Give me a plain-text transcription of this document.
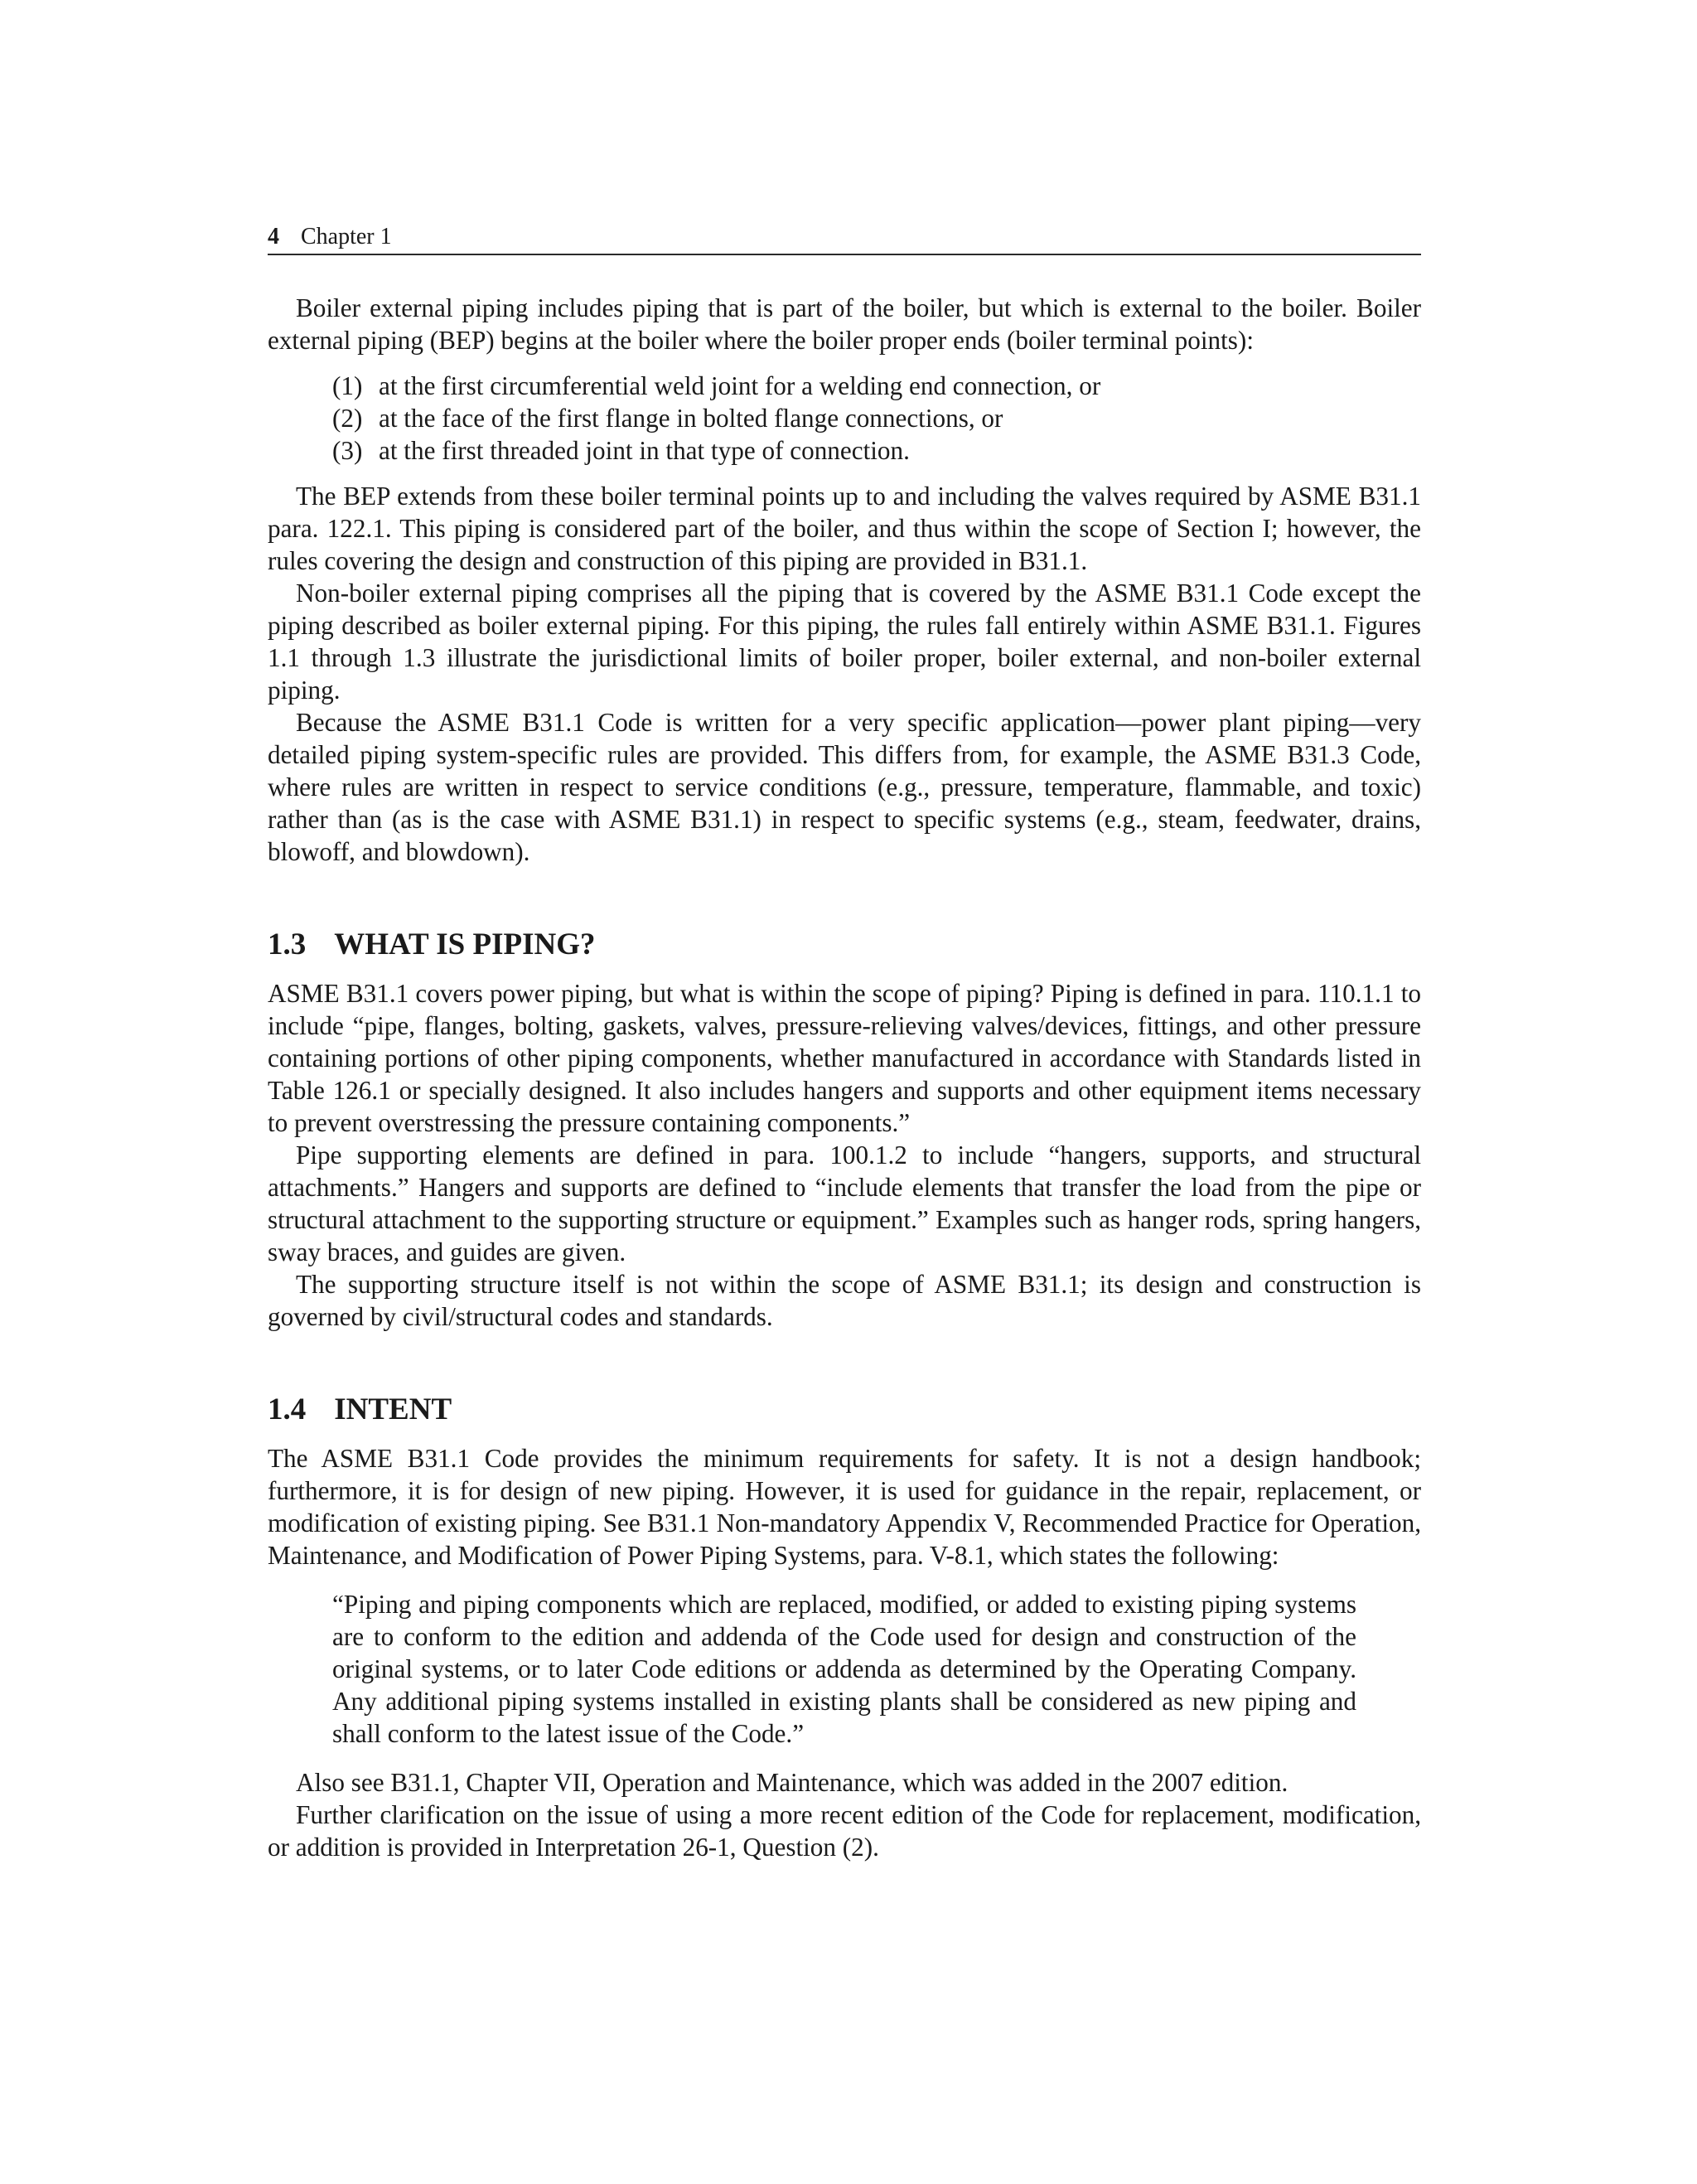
4 Chapter 1

Boiler external piping includes piping that is part of the boiler, but which is external to the boiler. Boiler external piping (BEP) begins at the boiler where the boiler proper ends (boiler terminal points):

(1) at the first circumferential weld joint for a welding end connection, or
(2) at the face of the first flange in bolted flange connections, or
(3) at the first threaded joint in that type of connection.

The BEP extends from these boiler terminal points up to and including the valves required by ASME B31.1 para. 122.1. This piping is considered part of the boiler, and thus within the scope of Section I; however, the rules covering the design and construction of this piping are provided in B31.1.

Non-boiler external piping comprises all the piping that is covered by the ASME B31.1 Code except the piping described as boiler external piping. For this piping, the rules fall entirely within ASME B31.1. Figures 1.1 through 1.3 illustrate the jurisdictional limits of boiler proper, boiler external, and non-boiler external piping.

Because the ASME B31.1 Code is written for a very specific application—power plant piping—very detailed piping system-specific rules are provided. This differs from, for example, the ASME B31.3 Code, where rules are written in respect to service conditions (e.g., pressure, temperature, flammable, and toxic) rather than (as is the case with ASME B31.1) in respect to specific systems (e.g., steam, feedwater, drains, blowoff, and blowdown).

1.3 WHAT IS PIPING?

ASME B31.1 covers power piping, but what is within the scope of piping? Piping is defined in para. 110.1.1 to include “pipe, flanges, bolting, gaskets, valves, pressure-relieving valves/devices, fittings, and other pressure containing portions of other piping components, whether manufactured in accordance with Standards listed in Table 126.1 or specially designed. It also includes hangers and supports and other equipment items necessary to prevent overstressing the pressure containing components.”

Pipe supporting elements are defined in para. 100.1.2 to include “hangers, supports, and structural attachments.” Hangers and supports are defined to “include elements that transfer the load from the pipe or structural attachment to the supporting structure or equipment.” Examples such as hanger rods, spring hangers, sway braces, and guides are given.

The supporting structure itself is not within the scope of ASME B31.1; its design and construction is governed by civil/structural codes and standards.

1.4 INTENT

The ASME B31.1 Code provides the minimum requirements for safety. It is not a design handbook; furthermore, it is for design of new piping. However, it is used for guidance in the repair, replacement, or modification of existing piping. See B31.1 Non-mandatory Appendix V, Recommended Practice for Operation, Maintenance, and Modification of Power Piping Systems, para. V-8.1, which states the following:

“Piping and piping components which are replaced, modified, or added to existing piping systems are to conform to the edition and addenda of the Code used for design and construction of the original systems, or to later Code editions or addenda as determined by the Operating Company. Any additional piping systems installed in existing plants shall be considered as new piping and shall conform to the latest issue of the Code.”

Also see B31.1, Chapter VII, Operation and Maintenance, which was added in the 2007 edition.

Further clarification on the issue of using a more recent edition of the Code for replacement, modification, or addition is provided in Interpretation 26-1, Question (2).
